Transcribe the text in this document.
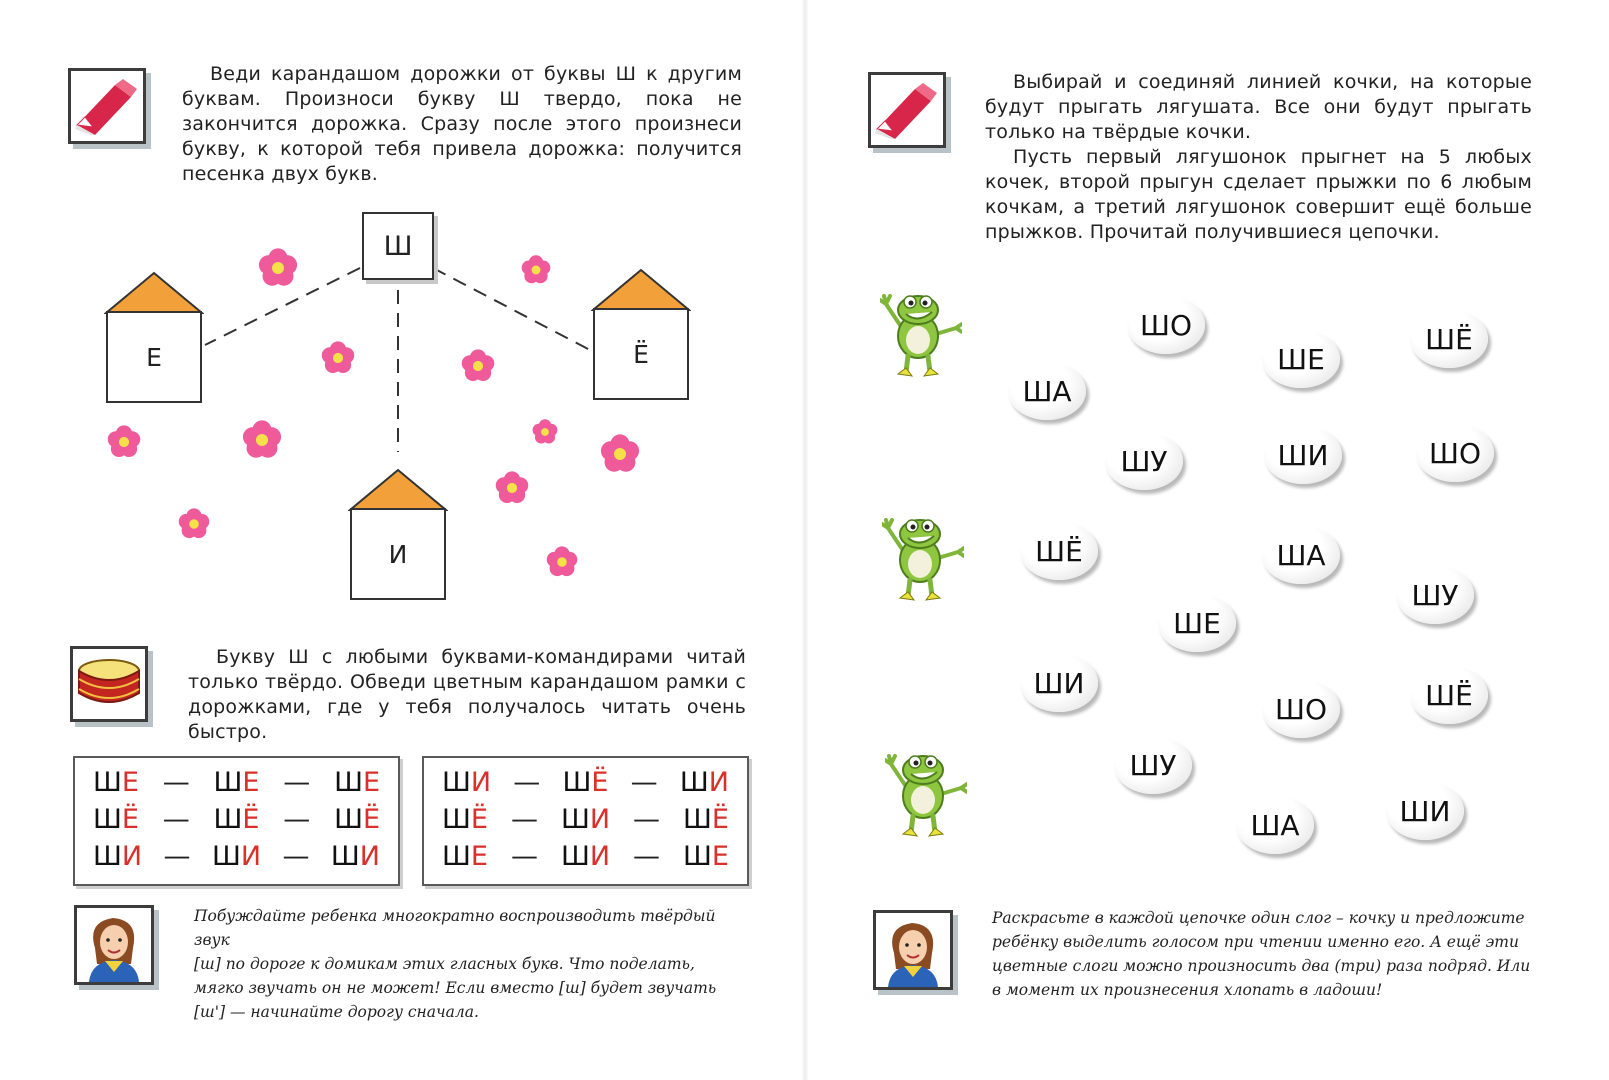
Веди карандашом дорожки от буквы Ш к другим буквам. Произноси букву Ш твердо, пока не закончится дорожка. Сразу после этого произнеси букву, к которой тебя привела дорожка: получится песенка двух букв.

Ш
Е	Ё
И

Букву Ш с любыми буквами-командирами читай только твёрдо. Обведи цветным карандашом рамки с дорожками, где у тебя получалось читать очень быстро.

ШЕ — ШЕ — ШЕ
ШЁ — ШЁ — ШЁ
ШИ — ШИ — ШИ
ШИ — ШЁ — ШИ
ШЁ — ШИ — ШЁ
ШЕ — ШИ — ШЕ
Побуждайте ребенка многократно воспроизводить твёрдый звук
[ш] по дороге к домикам этих гласных букв. Что поделать,
мягко звучать он не может! Если вместо [ш] будет звучать
[ш'] — начинайте дорогу сначала.

Выбирай и соединяй линией кочки, на которые будут прыгать лягушата. Все они будут прыгать только на твёрдые кочки.

Пусть первый лягушонок прыгнет на 5 любых кочек, второй прыгун сделает прыжки по 6 любым кочкам, а третий лягушонок совершит ещё больше прыжков. Прочитай получившиеся цепочки.

ШО
ШЕ
ШЁ
ША
ШУ	ШИ	ШО
ШЁ	ША
ШУ
ШЕ
ШИ
ШО	ШЁ
ШУ
ША	ШИ
Раскрасьте в каждой цепочке один слог – кочку и предложите
ребёнку выделить голосом при чтении именно его. А ещё эти
цветные слоги можно произносить два (три) раза подряд. Или
в момент их произнесения хлопать в ладоши!
